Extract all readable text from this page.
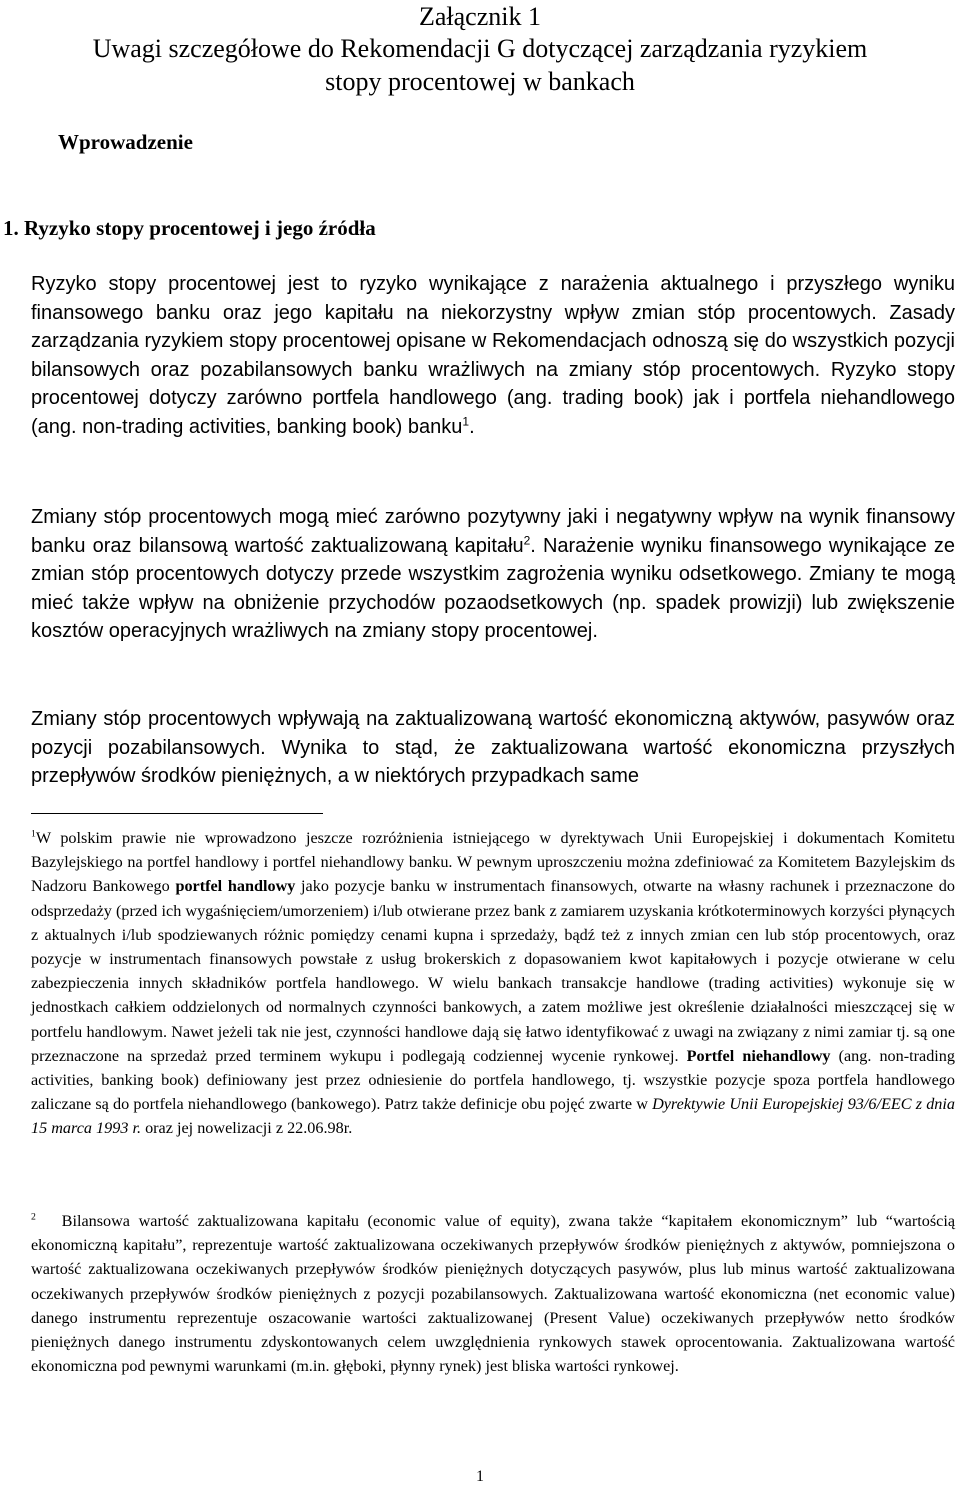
Załącznik 1
Uwagi szczegółowe do Rekomendacji G dotyczącej zarządzania ryzykiem
stopy procentowej w bankach
Wprowadzenie
1. Ryzyko stopy procentowej i jego źródła

Ryzyko stopy procentowej jest to ryzyko wynikające z narażenia aktualnego i przyszłego wyniku finansowego banku oraz jego kapitału na niekorzystny wpływ zmian stóp procentowych. Zasady zarządzania ryzykiem stopy procentowej opisane w Rekomendacjach odnoszą się do wszystkich pozycji bilansowych oraz pozabilansowych banku wrażliwych na zmiany stóp procentowych. Ryzyko stopy procentowej dotyczy zarówno portfela handlowego (ang. trading book) jak i portfela niehandlowego (ang. non-trading activities, banking book) banku$^1$.

Zmiany stóp procentowych mogą mieć zarówno pozytywny jaki i negatywny wpływ na wynik finansowy banku oraz bilansową wartość zaktualizowaną kapitału$^2$. Narażenie wyniku finansowego wynikające ze zmian stóp procentowych dotyczy przede wszystkim zagrożenia wyniku odsetkowego. Zmiany te mogą mieć także wpływ na obniżenie przychodów pozaodsetkowych (np. spadek prowizji) lub zwiększenie kosztów operacyjnych wrażliwych na zmiany stopy procentowej.

Zmiany stóp procentowych wpływają na zaktualizowaną wartość ekonomiczną aktywów, pasywów oraz pozycji pozabilansowych. Wynika to stąd, że zaktualizowana wartość ekonomiczna przyszłych przepływów środków pieniężnych, a w niektórych przypadkach same

$^1$W polskim prawie nie wprowadzono jeszcze rozróżnienia istniejącego w dyrektywach Unii Europejskiej i dokumentach Komitetu Bazylejskiego na portfel handlowy i portfel niehandlowy banku. W pewnym uproszczeniu można zdefiniować za Komitetem Bazylejskim ds Nadzoru Bankowego portfel handlowy jako pozycje banku w instrumentach finansowych, otwarte na własny rachunek i przeznaczone do odsprzedaży (przed ich wygaśnięciem/umorzeniem) i/lub otwierane przez bank z zamiarem uzyskania krótkoterminowych korzyści płynących z aktualnych i/lub spodziewanych różnic pomiędzy cenami kupna i sprzedaży, bądź też z innych zmian cen lub stóp procentowych, oraz pozycje w instrumentach finansowych powstałe z usług brokerskich z dopasowaniem kwot kapitałowych i pozycje otwierane w celu zabezpieczenia innych składników portfela handlowego. W wielu bankach transakcje handlowe (trading activities) wykonuje się w jednostkach całkiem oddzielonych od normalnych czynności bankowych, a zatem możliwe jest określenie działalności mieszczącej się w portfelu handlowym. Nawet jeżeli tak nie jest, czynności handlowe dają się łatwo identyfikować z uwagi na związany z nimi zamiar tj. są one przeznaczone na sprzedaż przed terminem wykupu i podlegają codziennej wycenie rynkowej. Portfel niehandlowy (ang. non-trading activities, banking book) definiowany jest przez odniesienie do portfela handlowego, tj. wszystkie pozycje spoza portfela handlowego zaliczane są do portfela niehandlowego (bankowego). Patrz także definicje obu pojęć zwarte w Dyrektywie Unii Europejskiej 93/6/EEC z dnia 15 marca 1993 r. oraz jej nowelizacji z 22.06.98r.

$^2$ Bilansowa wartość zaktualizowana kapitału (economic value of equity), zwana także “kapitałem ekonomicznym” lub “wartością ekonomiczną kapitału”, reprezentuje wartość zaktualizowana oczekiwanych przepływów środków pieniężnych z aktywów, pomniejszona o wartość zaktualizowana oczekiwanych przepływów środków pieniężnych dotyczących pasywów, plus lub minus wartość zaktualizowana oczekiwanych przepływów środków pieniężnych z pozycji pozabilansowych. Zaktualizowana wartość ekonomiczna (net economic value) danego instrumentu reprezentuje oszacowanie wartości zaktualizowanej (Present Value) oczekiwanych przepływów netto środków pieniężnych danego instrumentu zdyskontowanych celem uwzględnienia rynkowych stawek oprocentowania. Zaktualizowana wartość ekonomiczna pod pewnymi warunkami (m.in. głęboki, płynny rynek) jest bliska wartości rynkowej.

1
